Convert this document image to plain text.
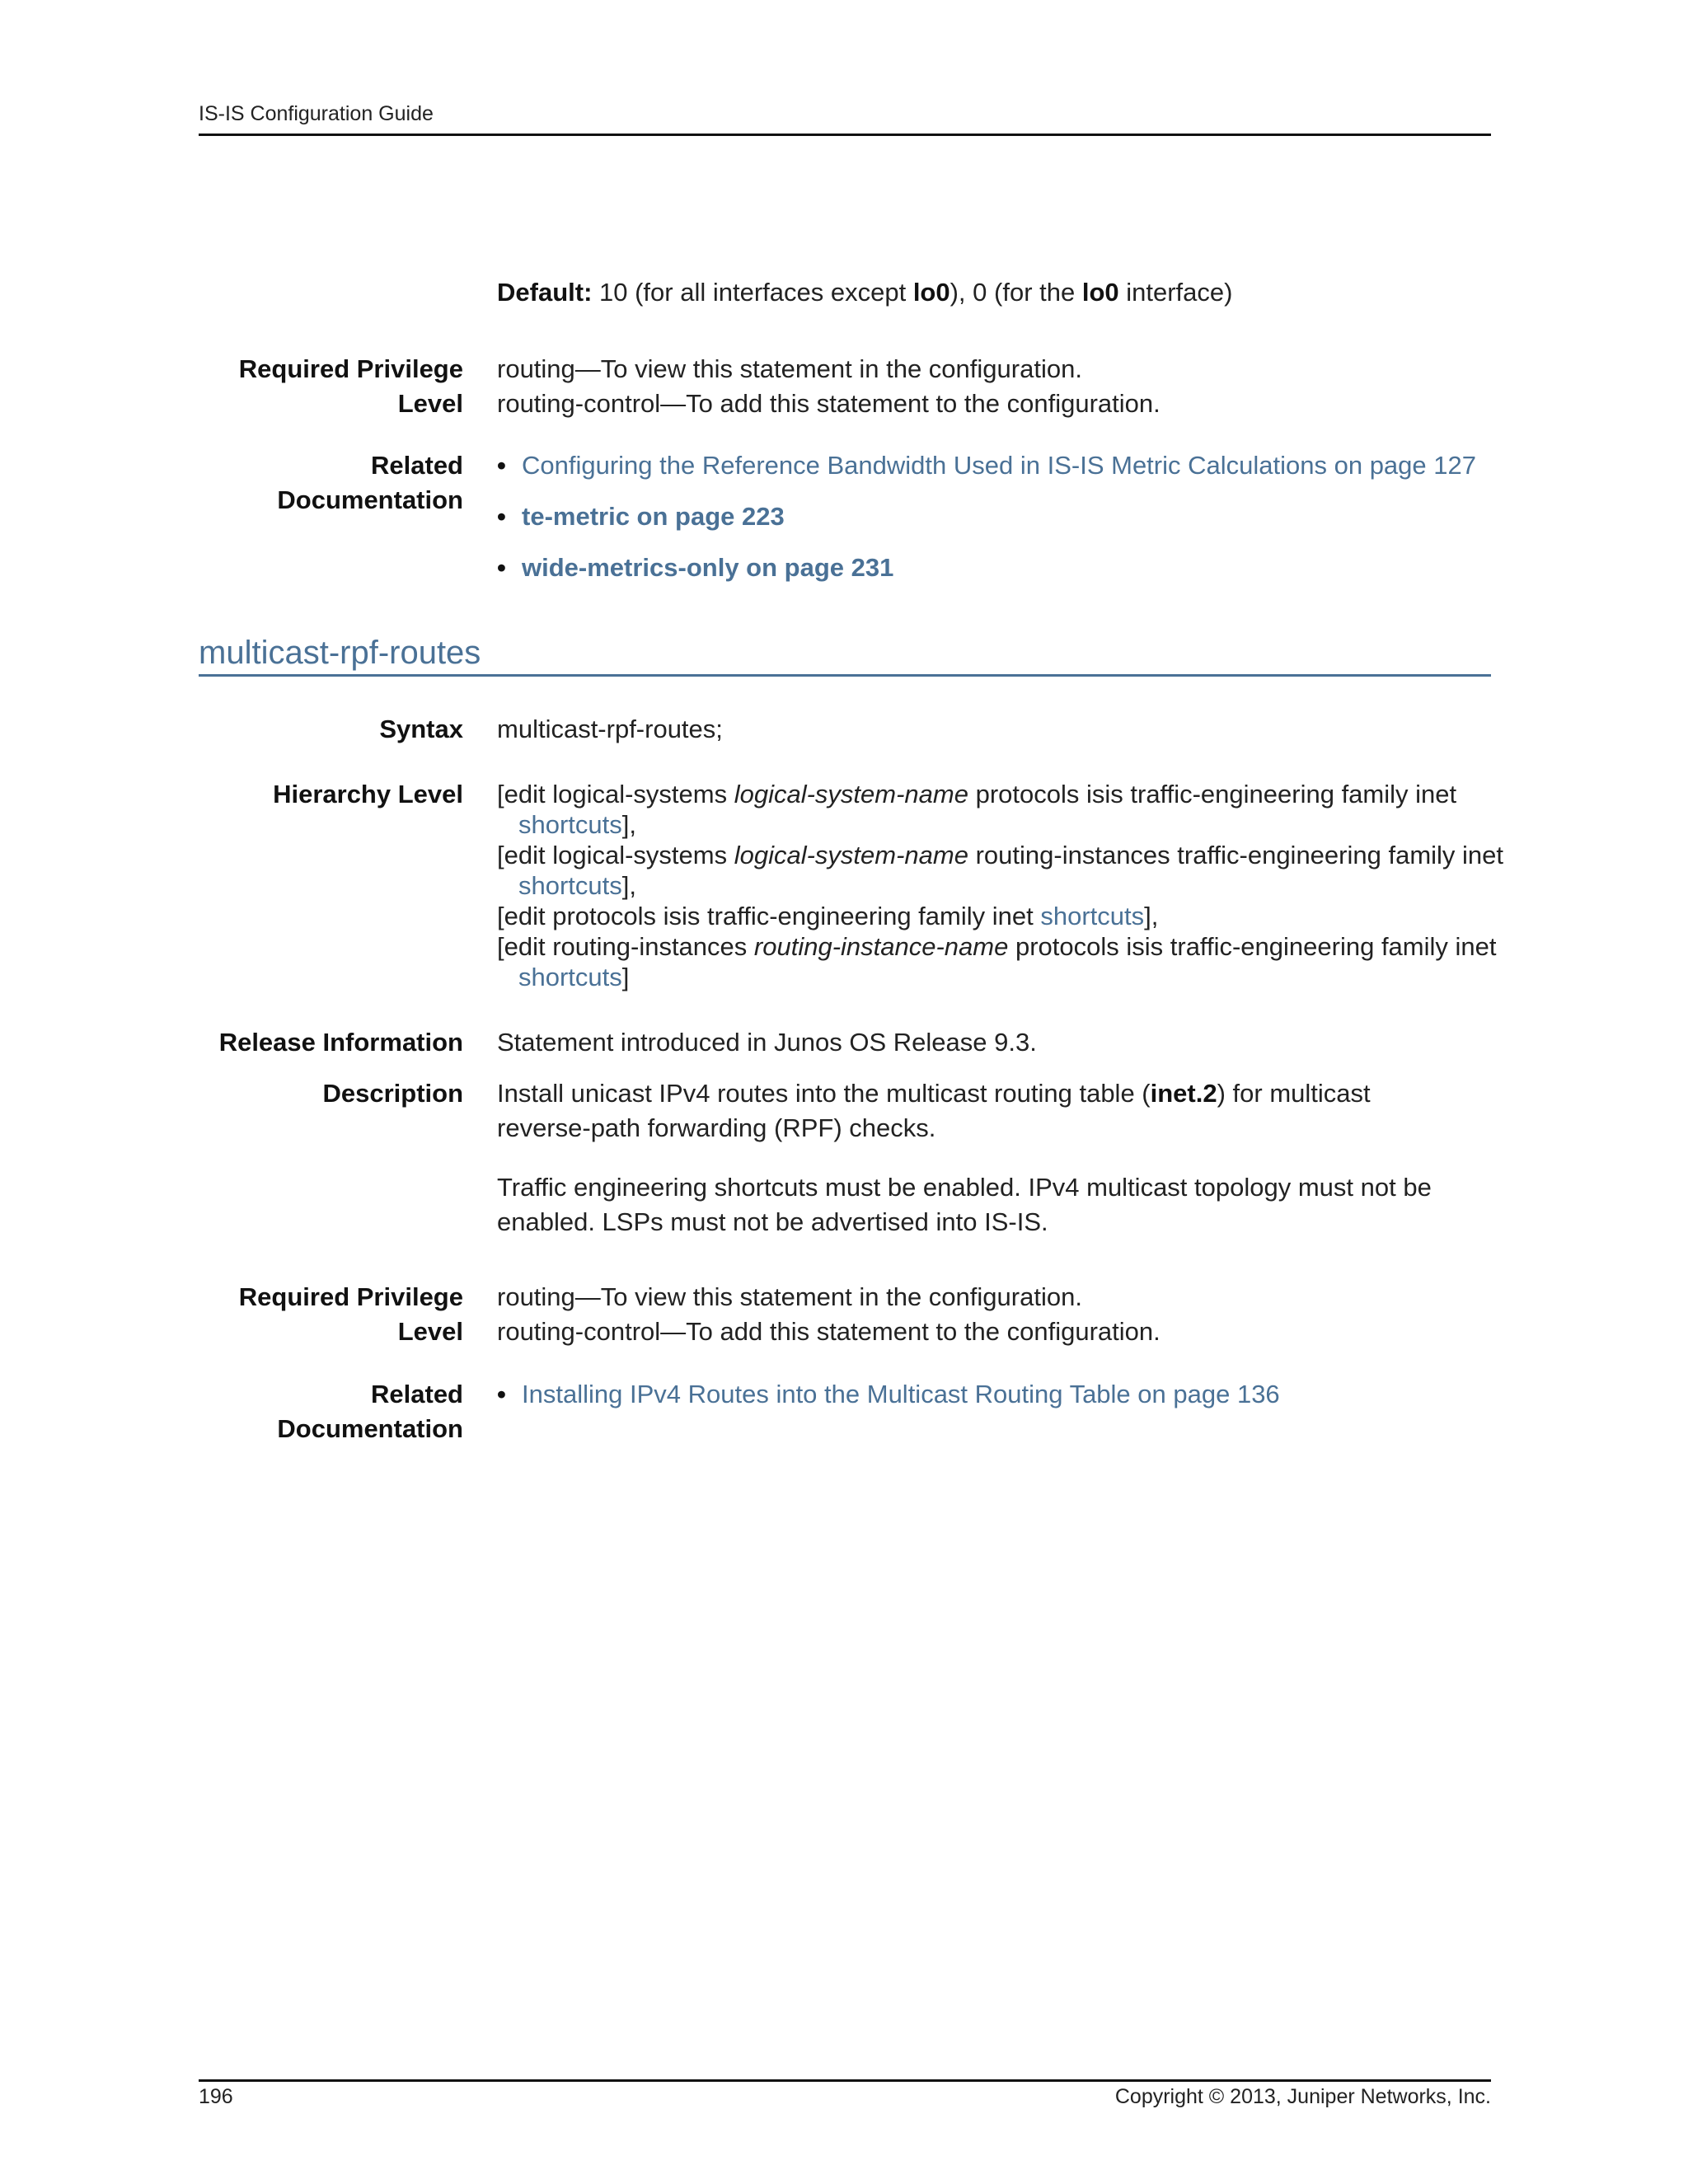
IS-IS Configuration Guide
Default: 10 (for all interfaces except lo0), 0 (for the lo0 interface)
Required Privilege
Level
routing—To view this statement in the configuration.
routing-control—To add this statement to the configuration.
Related
Documentation
• Configuring the Reference Bandwidth Used in IS-IS Metric Calculations on page 127
• te-metric on page 223
• wide-metrics-only on page 231
multicast-rpf-routes
Syntax multicast-rpf-routes;
Hierarchy Level [edit logical-systems logical-system-name protocols isis traffic-engineering family inet
shortcuts],
[edit logical-systems logical-system-name routing-instances traffic-engineering family inet
shortcuts],
[edit protocols isis traffic-engineering family inet shortcuts],
[edit routing-instances routing-instance-name protocols isis traffic-engineering family inet
shortcuts]
Release Information Statement introduced in Junos OS Release 9.3.
Description Install unicast IPv4 routes into the multicast routing table (inet.2) for multicast
reverse-path forwarding (RPF) checks.
Traffic engineering shortcuts must be enabled. IPv4 multicast topology must not be
enabled. LSPs must not be advertised into IS-IS.
Required Privilege
Level
routing—To view this statement in the configuration.
routing-control—To add this statement to the configuration.
Related
Documentation
• Installing IPv4 Routes into the Multicast Routing Table on page 136
196	Copyright © 2013, Juniper Networks, Inc.
